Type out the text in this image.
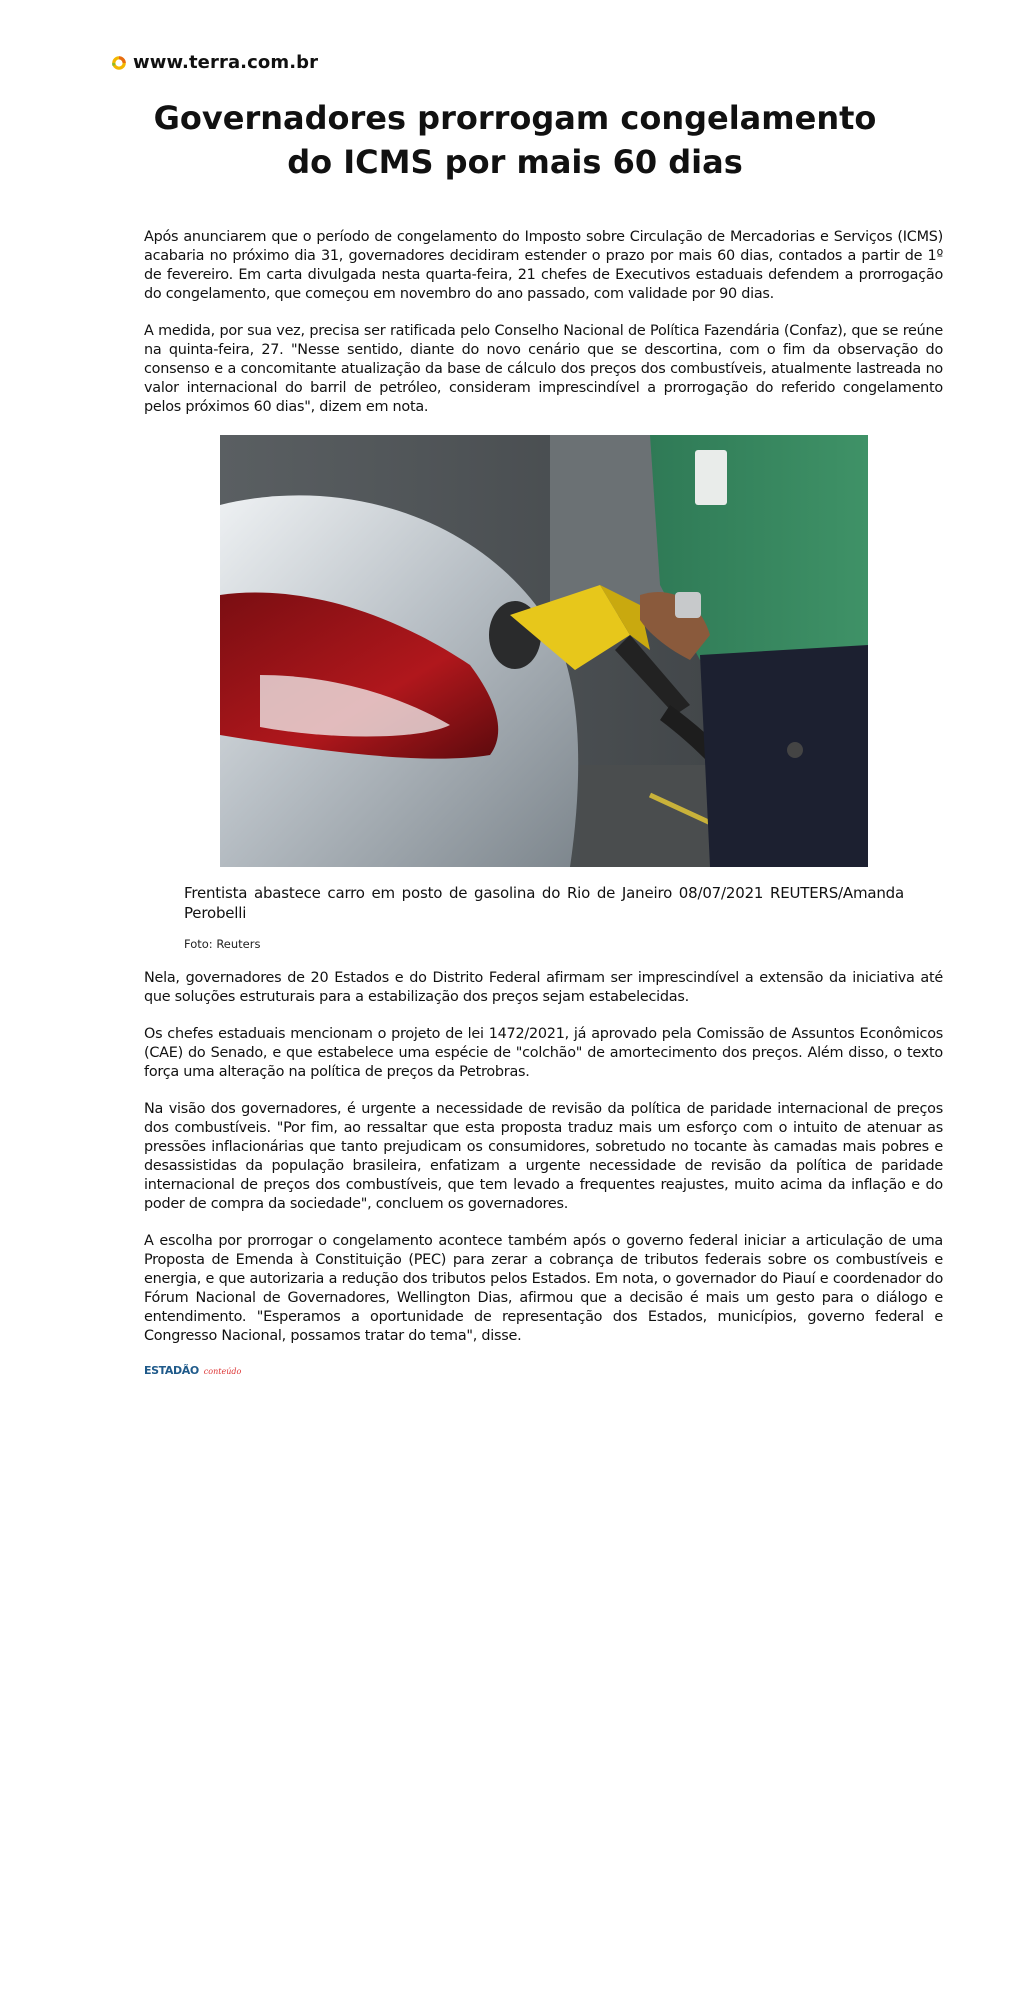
www.terra.com.br
Governadores prorrogam congelamento do ICMS por mais 60 dias

Após anunciarem que o período de congelamento do Imposto sobre Circulação de Mercadorias e Serviços (ICMS) acabaria no próximo dia 31, governadores decidiram estender o prazo por mais 60 dias, contados a partir de 1º de fevereiro. Em carta divulgada nesta quarta-feira, 21 chefes de Executivos estaduais defendem a prorrogação do congelamento, que começou em novembro do ano passado, com validade por 90 dias.

A medida, por sua vez, precisa ser ratificada pelo Conselho Nacional de Política Fazendária (Confaz), que se reúne na quinta-feira, 27. "Nesse sentido, diante do novo cenário que se descortina, com o fim da observação do consenso e a concomitante atualização da base de cálculo dos preços dos combustíveis, atualmente lastreada no valor internacional do barril de petróleo, consideram imprescindível a prorrogação do referido congelamento pelos próximos 60 dias", dizem em nota.

Frentista abastece carro em posto de gasolina do Rio de Janeiro 08/07/2021 REUTERS/Amanda Perobelli
Foto: Reuters

Nela, governadores de 20 Estados e do Distrito Federal afirmam ser imprescindível a extensão da iniciativa até que soluções estruturais para a estabilização dos preços sejam estabelecidas.

Os chefes estaduais mencionam o projeto de lei 1472/2021, já aprovado pela Comissão de Assuntos Econômicos (CAE) do Senado, e que estabelece uma espécie de "colchão" de amortecimento dos preços. Além disso, o texto força uma alteração na política de preços da Petrobras.

Na visão dos governadores, é urgente a necessidade de revisão da política de paridade internacional de preços dos combustíveis. "Por fim, ao ressaltar que esta proposta traduz mais um esforço com o intuito de atenuar as pressões inflacionárias que tanto prejudicam os consumidores, sobretudo no tocante às camadas mais pobres e desassistidas da população brasileira, enfatizam a urgente necessidade de revisão da política de paridade internacional de preços dos combustíveis, que tem levado a frequentes reajustes, muito acima da inflação e do poder de compra da sociedade", concluem os governadores.

A escolha por prorrogar o congelamento acontece também após o governo federal iniciar a articulação de uma Proposta de Emenda à Constituição (PEC) para zerar a cobrança de tributos federais sobre os combustíveis e energia, e que autorizaria a redução dos tributos pelos Estados. Em nota, o governador do Piauí e coordenador do Fórum Nacional de Governadores, Wellington Dias, afirmou que a decisão é mais um gesto para o diálogo e entendimento. "Esperamos a oportunidade de representação dos Estados, municípios, governo federal e Congresso Nacional, possamos tratar do tema", disse.

ESTADÃO conteúdo
